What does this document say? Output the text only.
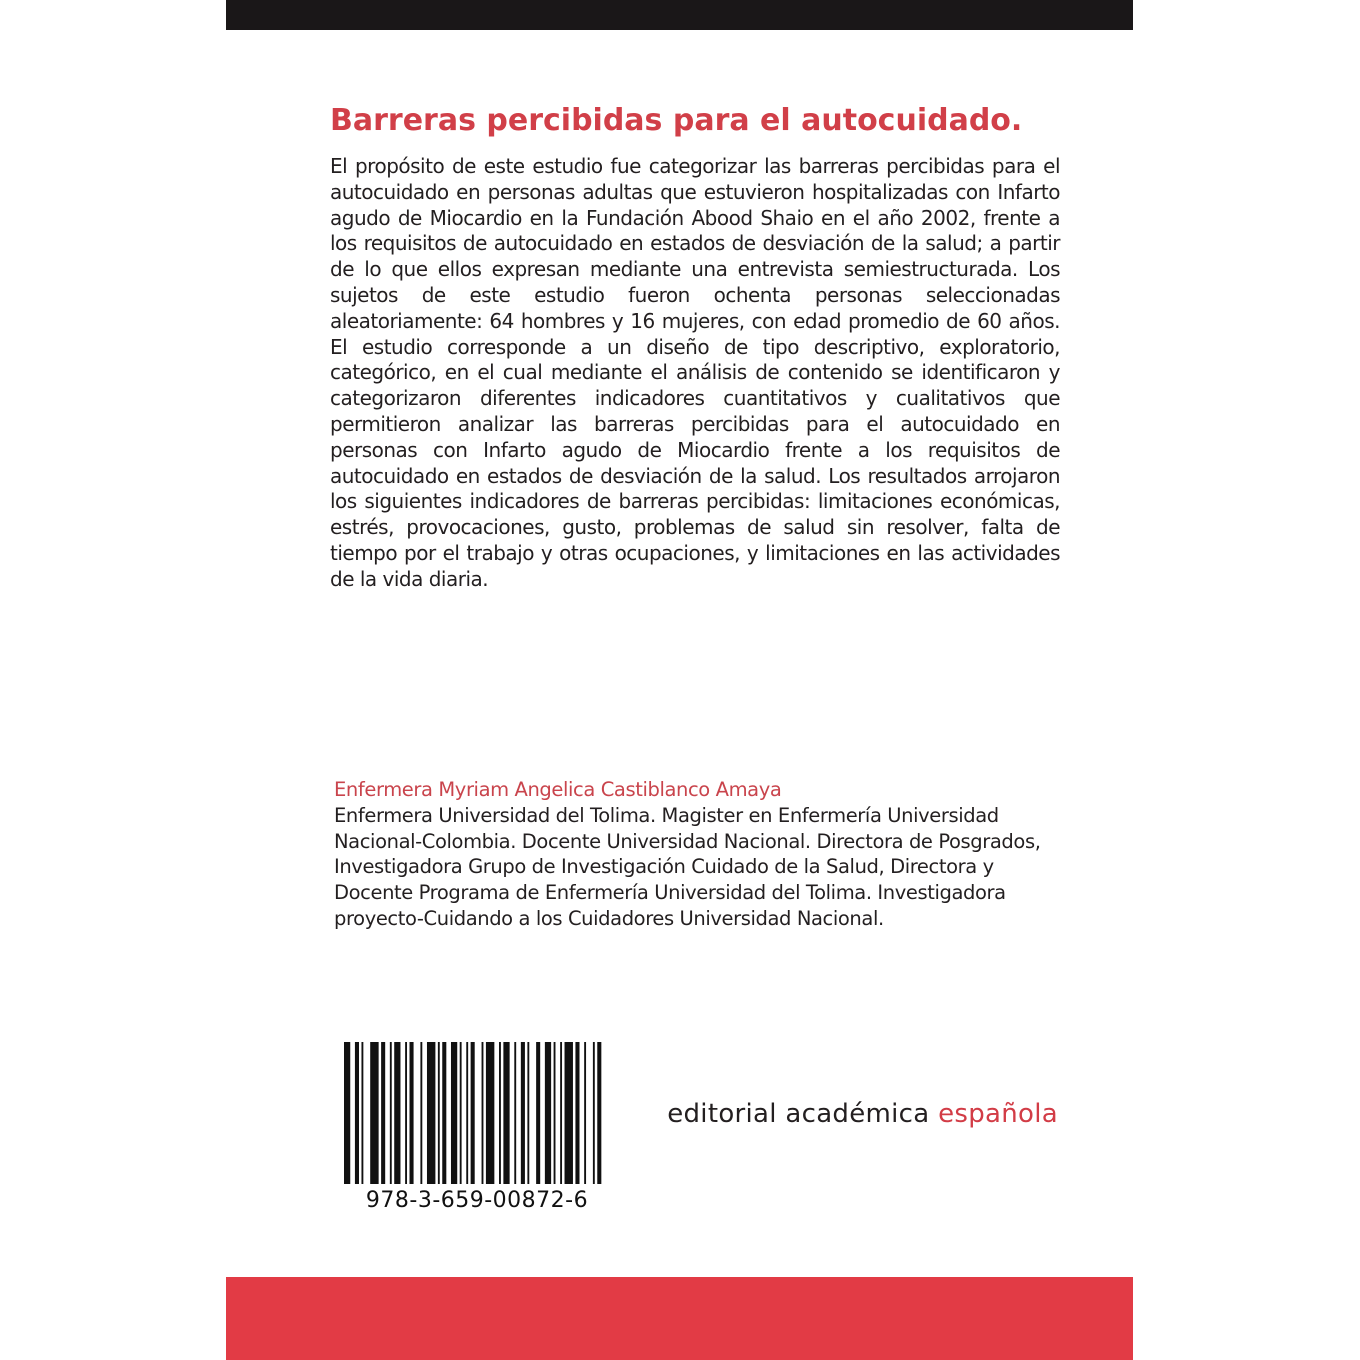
Barreras percibidas para el autocuidado.

El propósito de este estudio fue categorizar las barreras percibidas para el autocuidado en personas adultas que estuvieron hospitalizadas con Infarto agudo de Miocardio en la Fundación Abood Shaio en el año 2002, frente a los requisitos de autocuidado en estados de desviación de la salud; a partir de lo que ellos expresan mediante una entrevista semiestructurada. Los sujetos de este estudio fueron ochenta personas seleccionadas aleatoriamente: 64 hombres y 16 mujeres, con edad promedio de 60 años. El estudio corresponde a un diseño de tipo descriptivo, exploratorio, categórico, en el cual mediante el análisis de contenido se identificaron y categorizaron diferentes indicadores cuantitativos y cualitativos que permitieron analizar las barreras percibidas para el autocuidado en personas con Infarto agudo de Miocardio frente a los requisitos de autocuidado en estados de desviación de la salud. Los resultados arrojaron los siguientes indicadores de barreras percibidas: limitaciones económicas, estrés, provocaciones, gusto, problemas de salud sin resolver, falta de tiempo por el trabajo y otras ocupaciones, y limitaciones en las actividades de la vida diaria.

Enfermera Myriam Angelica Castiblanco Amaya

Enfermera Universidad del Tolima. Magister en Enfermería Universidad Nacional-Colombia. Docente Universidad Nacional. Directora de Posgrados, Investigadora Grupo de Investigación Cuidado de la Salud, Directora y Docente Programa de Enfermería Universidad del Tolima. Investigadora proyecto-Cuidando a los Cuidadores Universidad Nacional.

978-3-659-00872-6
editorial académica española
